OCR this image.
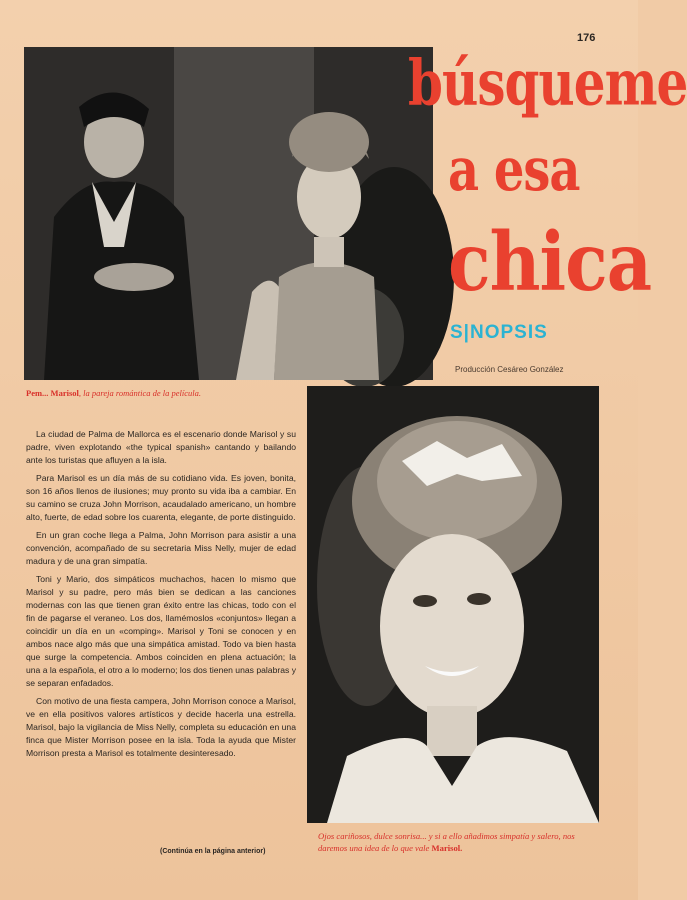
176
búsqueme
a esa
chica
S|NOPSIS
Producción Cesáreo González
Pem... Marisol, la pareja romántica de la película.

La ciudad de Palma de Mallorca es el escenario donde Marisol y su padre, viven explotando «the typical spanish» cantando y bailando ante los turistas que afluyen a la isla.

Para Marisol es un día más de su cotidiano vida. Es joven, bonita, son 16 años llenos de ilusiones; muy pronto su vida iba a cambiar. En su camino se cruza John Morrison, acaudalado americano, un hombre alto, fuerte, de edad sobre los cuarenta, elegante, de porte distinguido.

En un gran coche llega a Palma, John Morrison para asistir a una convención, acompañado de su secretaria Miss Nelly, mujer de edad madura y de una gran simpatía.

Toni y Mario, dos simpáticos muchachos, hacen lo mismo que Marisol y su padre, pero más bien se dedican a las canciones modernas con las que tienen gran éxito entre las chicas, todo con el fin de pagarse el veraneo. Los dos, llamémoslos «conjuntos» llegan a coincidir un día en un «comping». Marisol y Toni se conocen y en ambos nace algo más que una simpática amistad. Todo va bien hasta que surge la competencia. Ambos coinciden en plena actuación; la una a la española, el otro a lo moderno; los dos tienen unas palabras y se separan enfadados.

Con motivo de una fiesta campera, John Morrison conoce a Marisol, ve en ella positivos valores artísticos y decide hacerla una estrella. Marisol, bajo la vigilancia de Miss Nelly, completa su educación en una finca que Mister Morrison posee en la isla. Toda la ayuda que Mister Morrison presta a Marisol es totalmente desinteresado.

(Continúa en la página anterior)
Ojos cariñosos, dulce sonrisa... y si a ello añadimos simpatía y salero, nos daremos una idea de lo que vale Marisol.
